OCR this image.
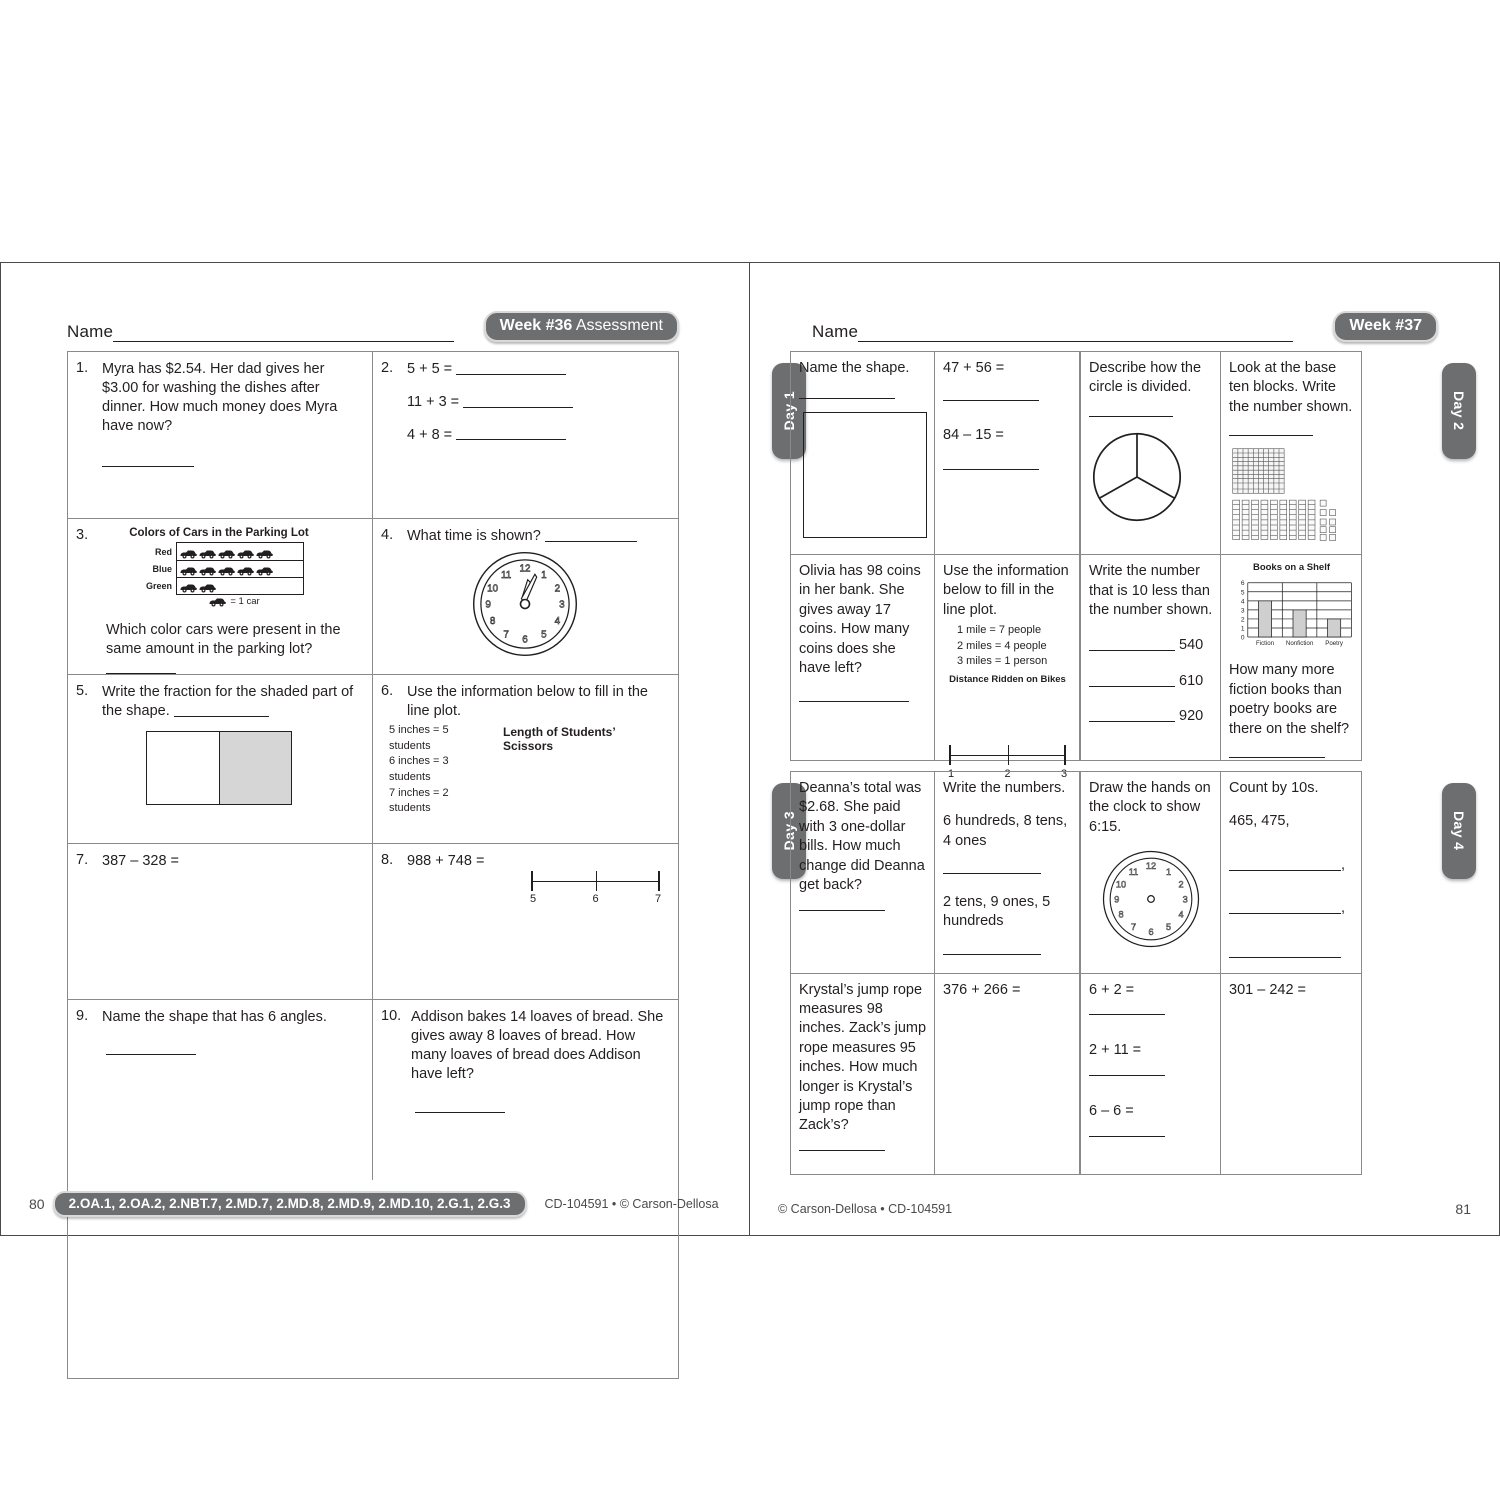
Name	Week #36 Assessment
1. Myra has $2.54. Her dad gives her $3.00 for washing the dishes after dinner. How much money does Myra have now?
2. 5 + 5 =
11 + 3 =
4 + 8 =
3.	Colors of Cars in the Parking Lot
Red
Blue
Green
= 1 car
Which color cars were present in the same amount in the parking lot?
4. What time is shown?
12
1
2
3
4
5
6
7
8
9
10
11
5. Write the fraction for the shaded part of the shape.
6. Use the information below to fill in the line plot.
5 inches = 5 students
6 inches = 3 students
7 inches = 2 students
Length of Students’ Scissors
5	6	7
7. 387 – 328 =	8. 988 + 748 =
9. Name the shape that has 6 angles.	10. Addison bakes 14 loaves of bread. She gives away 8 loaves of bread. How many loaves of bread does Addison have left?
80	2.OA.1, 2.OA.2, 2.NBT.7, 2.MD.7, 2.MD.8, 2.MD.9, 2.MD.10, 2.G.1, 2.G.3	CD-104591 • © Carson-Dellosa
Name	Week #37
Day 1	Day 2
Day 3	Day 4
Name the shape.	47 + 56 =
84 – 15 =
Olivia has 98 coins in her bank. She gives away 17 coins. How many coins does she have left?
Use the information below to fill in the line plot.
1 mile = 7 people
2 miles = 4 people
3 miles = 1 person
Distance Ridden on Bikes
1	2	3
Describe how the circle is divided.
Look at the base ten blocks. Write the number shown.
Write the number that is 10 less than the number shown.
540
610
920
Books on a Shelf
6
5
4
3
2
1
0
Fiction Nonfiction Poetry
How many more fiction books than poetry books are there on the shelf?
Deanna’s total was $2.68. She paid with 3 one-dollar bills. How much change did Deanna get back?
Write the numbers.
6 hundreds, 8 tens, 4 ones
2 tens, 9 ones, 5 hundreds
Krystal’s jump rope measures 98 inches. Zack’s jump rope measures 95 inches. How much longer is Krystal’s jump rope than Zack’s?
376 + 266 =
Draw the hands on the clock to show 6:15.
12
1
2
3
4
5
6
7
8
9
10
11
Count by 10s.
465, 475,
,
,
6 + 2 =
2 + 11 =
6 – 6 =
301 – 242 =
© Carson-Dellosa • CD-104591	81
